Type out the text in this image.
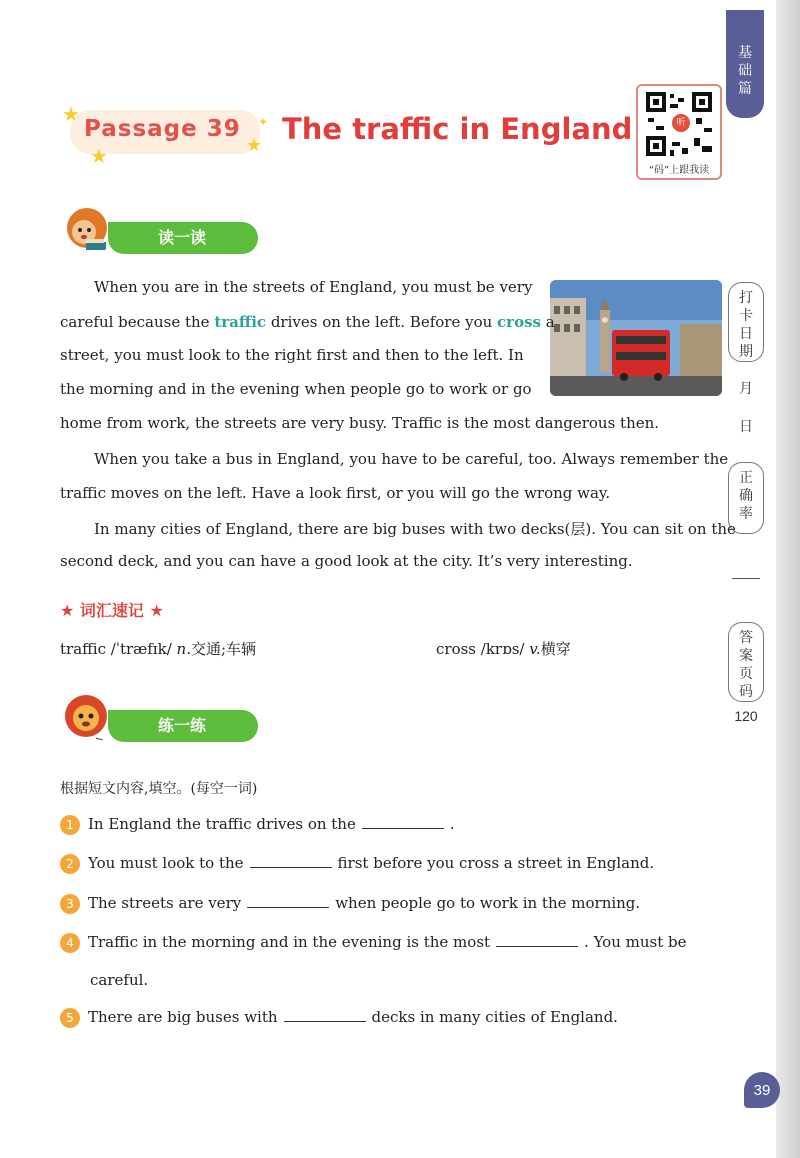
基础篇
打卡日期
月
日
正确率
答案页码
120
★
★	★
✦
Passage 39 The traffic in England	听
“码”上跟我读
读一读
When you are in the streets of England, you must be very
careful because the traffic drives on the left. Before you cross a
street, you must look to the right first and then to the left. In
the morning and in the evening when people go to work or go
home from work, the streets are very busy. Traffic is the most dangerous then.
When you take a bus in England, you have to be careful, too. Always remember the
traffic moves on the left. Have a look first, or you will go the wrong way.
In many cities of England, there are big buses with two decks(层). You can sit on the
second deck, and you can have a good look at the city. It’s very interesting.
★ 词汇速记 ★
traffic /ˈtræfɪk/ n.交通;车辆	cross /krɒs/ v.横穿
练一练
根据短文内容,填空。(每空一词)
1 In England the traffic drives on the	.
2 You must look to the	first before you cross a street in England.
3 The streets are very	when people go to work in the morning.
4 Traffic in the morning and in the evening is the most	. You must be
careful.
5 There are big buses with	decks in many cities of England.
39
